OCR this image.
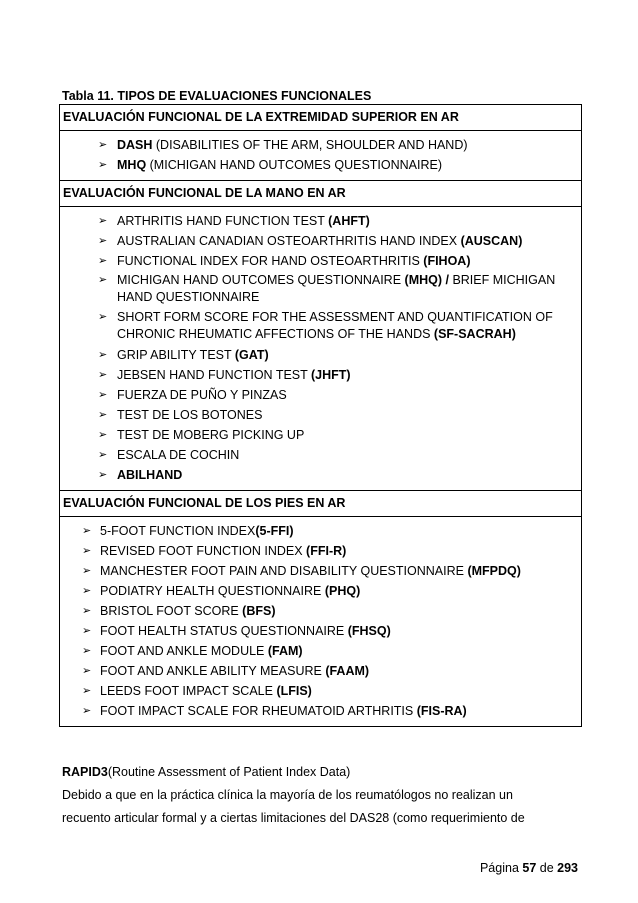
Tabla 11. TIPOS DE EVALUACIONES FUNCIONALES
EVALUACIÓN FUNCIONAL DE LA EXTREMIDAD SUPERIOR EN AR

➢ DASH (DISABILITIES OF THE ARM, SHOULDER AND HAND)
➢ MHQ (MICHIGAN HAND OUTCOMES QUESTIONNAIRE)

EVALUACIÓN FUNCIONAL DE LA MANO EN AR

➢ ARTHRITIS HAND FUNCTION TEST (AHFT)
➢ AUSTRALIAN CANADIAN OSTEOARTHRITIS HAND INDEX (AUSCAN)
➢ FUNCTIONAL INDEX FOR HAND OSTEOARTHRITIS (FIHOA)
➢ MICHIGAN HAND OUTCOMES QUESTIONNAIRE (MHQ) / BRIEF MICHIGAN HAND QUESTIONNAIRE
➢ SHORT FORM SCORE FOR THE ASSESSMENT AND QUANTIFICATION OF CHRONIC RHEUMATIC AFFECTIONS OF THE HANDS (SF-SACRAH)
➢ GRIP ABILITY TEST (GAT)
➢ JEBSEN HAND FUNCTION TEST (JHFT)
➢ FUERZA DE PUÑO Y PINZAS
➢ TEST DE LOS BOTONES
➢ TEST DE MOBERG PICKING UP
➢ ESCALA DE COCHIN
➢ ABILHAND

EVALUACIÓN FUNCIONAL DE LOS PIES EN AR

➢ 5-FOOT FUNCTION INDEX(5-FFI)
➢ REVISED FOOT FUNCTION INDEX (FFI-R)
➢ MANCHESTER FOOT PAIN AND DISABILITY QUESTIONNAIRE (MFPDQ)
➢ PODIATRY HEALTH QUESTIONNAIRE (PHQ)
➢ BRISTOL FOOT SCORE (BFS)
➢ FOOT HEALTH STATUS QUESTIONNAIRE (FHSQ)
➢ FOOT AND ANKLE MODULE (FAM)
➢ FOOT AND ANKLE ABILITY MEASURE (FAAM)
➢ LEEDS FOOT IMPACT SCALE (LFIS)
➢ FOOT IMPACT SCALE FOR RHEUMATOID ARTHRITIS (FIS-RA)
RAPID3(Routine Assessment of Patient Index Data)
Debido a que en la práctica clínica la mayoría de los reumatólogos no realizan un
recuento articular formal y a ciertas limitaciones del DAS28 (como requerimiento de
Página 57 de 293
